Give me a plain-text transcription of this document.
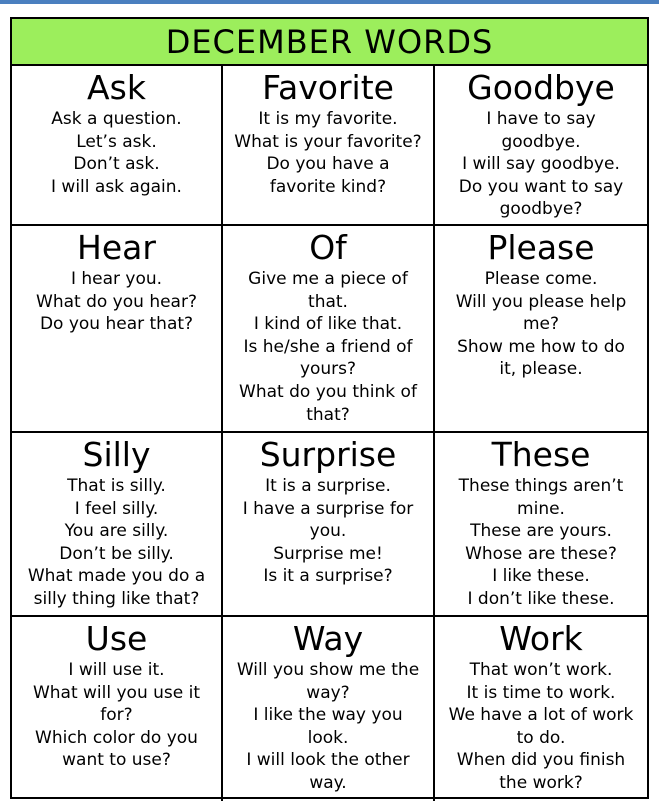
DECEMBER WORDS
Ask
Ask a question.
Let’s ask.
Don’t ask.
I will ask again.
Favorite
It is my favorite.
What is your favorite?
Do you have a
favorite kind?
Goodbye
I have to say
goodbye.
I will say goodbye.
Do you want to say
goodbye?
Hear
I hear you.
What do you hear?
Do you hear that?
Of
Give me a piece of
that.
I kind of like that.
Is he/she a friend of
yours?
What do you think of
that?
Please
Please come.
Will you please help
me?
Show me how to do
it, please.
Silly
That is silly.
I feel silly.
You are silly.
Don’t be silly.
What made you do a
silly thing like that?
Surprise
It is a surprise.
I have a surprise for
you.
Surprise me!
Is it a surprise?
These
These things aren’t
mine.
These are yours.
Whose are these?
I like these.
I don’t like these.
Use
I will use it.
What will you use it
for?
Which color do you
want to use?
Way
Will you show me the
way?
I like the way you
look.
I will look the other
way.
Work
That won’t work.
It is time to work.
We have a lot of work
to do.
When did you finish
the work?
